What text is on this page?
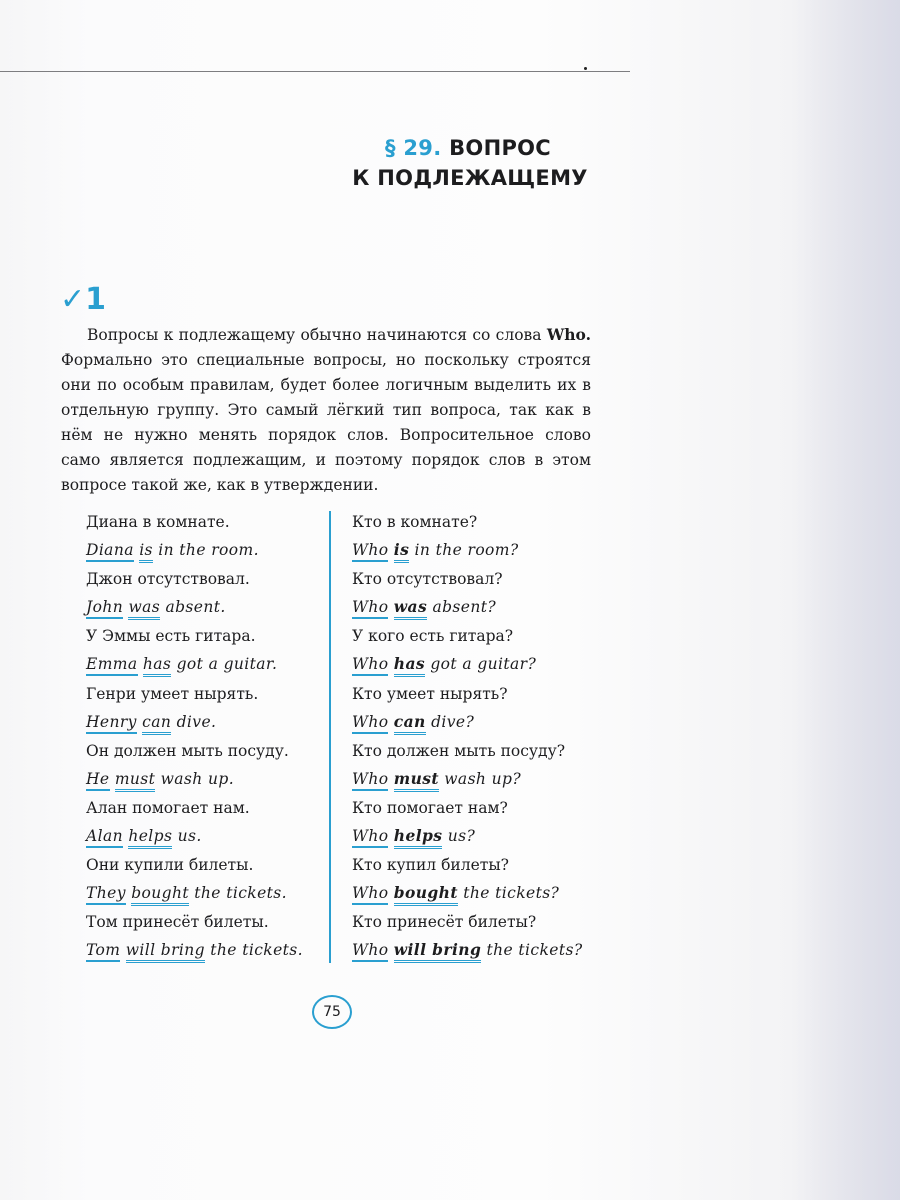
§ 29. ВОПРОС
К ПОДЛЕЖАЩЕМУ
✓1
Вопросы к подлежащему обычно начинаются со слова Who. Формально это специальные вопросы, но поскольку строятся они по особым правилам, будет более логичным выделить их в отдельную группу. Это самый лёгкий тип вопроса, так как в нём не нужно менять порядок слов. Вопросительное слово само является подлежащим, и поэтому порядок слов в этом вопросе такой же, как в утверждении.
Диана в комнате.
Diana is in the room.
Кто в комнате?
Who is in the room?
Джон отсутствовал.
John was absent.
Кто отсутствовал?
Who was absent?
У Эммы есть гитара.
Emma has got a guitar.
У кого есть гитара?
Who has got a guitar?
Генри умеет нырять.
Henry can dive.
Кто умеет нырять?
Who can dive?
Он должен мыть посуду.
He must wash up.
Кто должен мыть посуду?
Who must wash up?
Алан помогает нам.
Alan helps us.
Кто помогает нам?
Who helps us?
Они купили билеты.
They bought the tickets.
Кто купил билеты?
Who bought the tickets?
Том принесёт билеты.
Tom will bring the tickets.
Кто принесёт билеты?
Who will bring the tickets?
75
